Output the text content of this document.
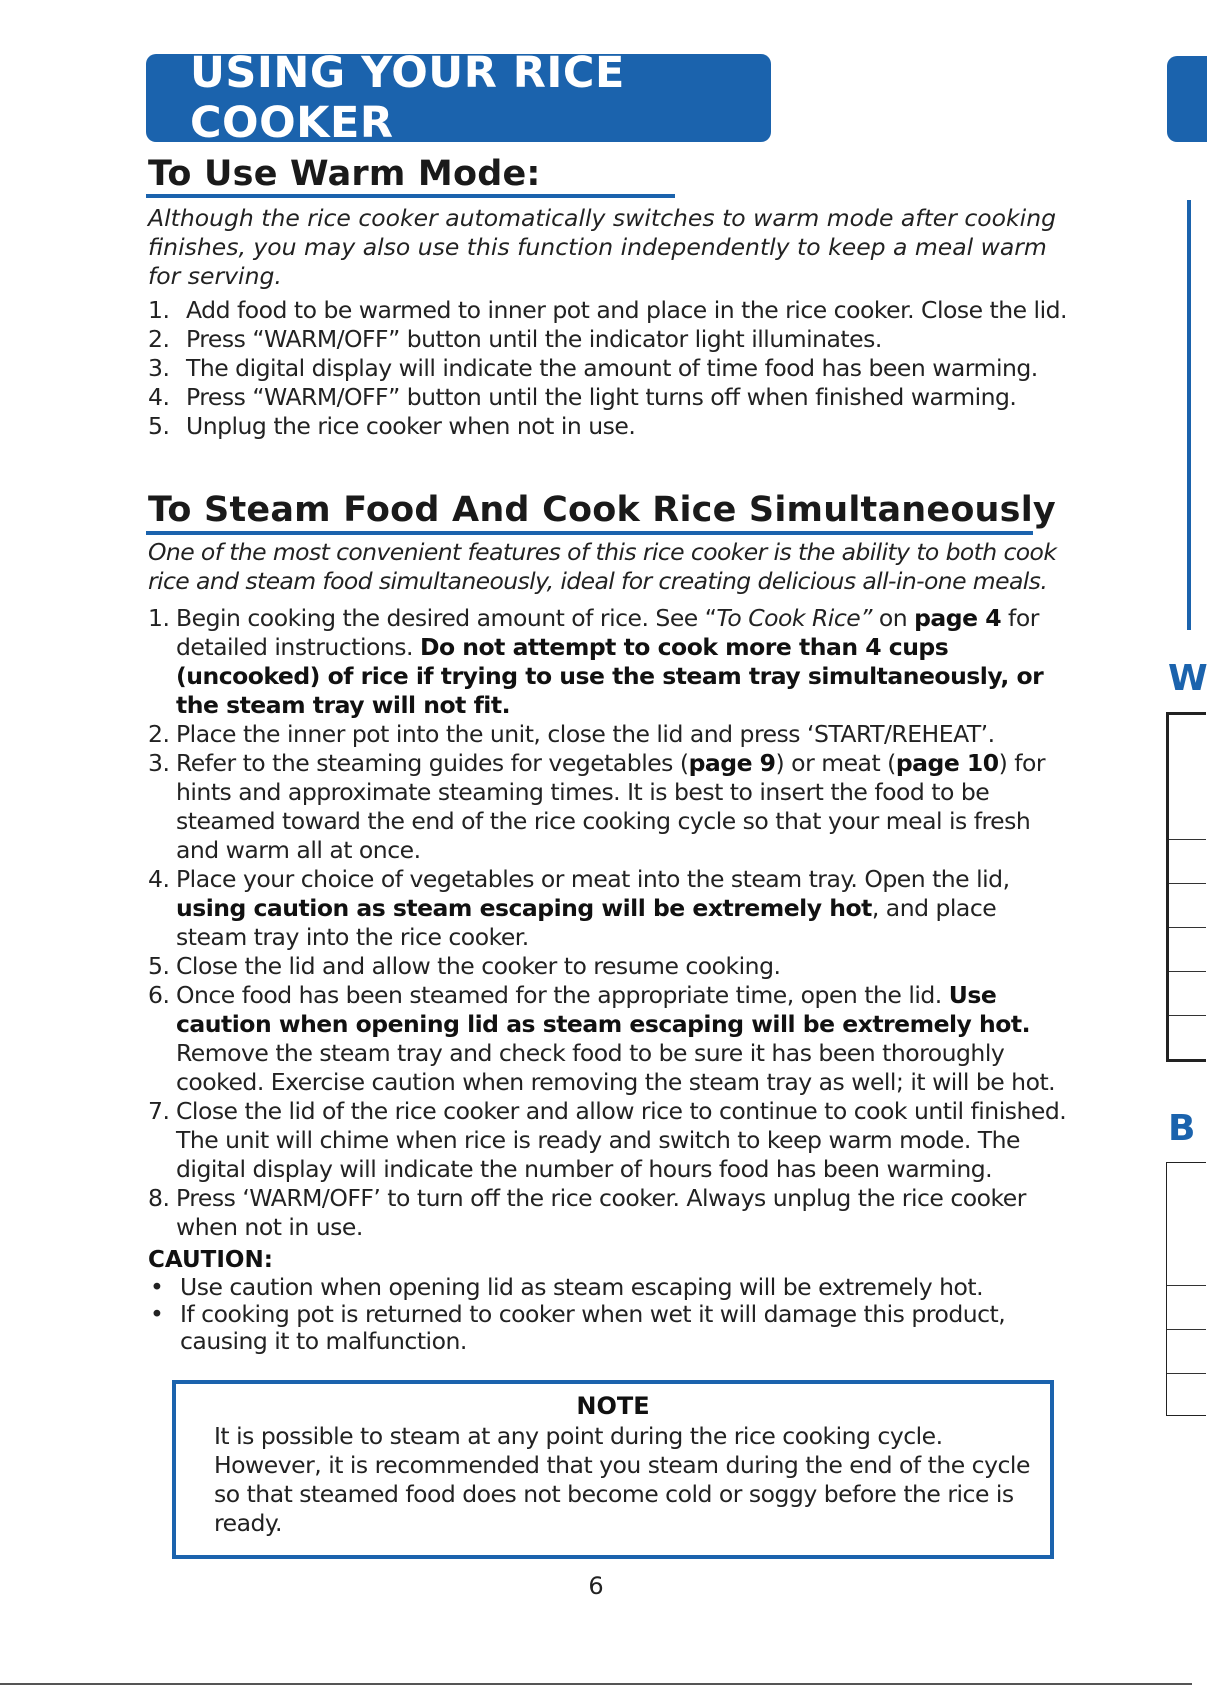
USING YOUR RICE COOKER
W
B
To Use Warm Mode:

Although the rice cooker automatically switches to warm mode after cooking finishes, you may also use this function independently to keep a meal warm for serving.

1. Add food to be warmed to inner pot and place in the rice cooker. Close the lid.
2. Press “WARM/OFF” button until the indicator light illuminates.
3. The digital display will indicate the amount of time food has been warming.
4. Press “WARM/OFF” button until the light turns off when finished warming.
5. Unplug the rice cooker when not in use.
To Steam Food And Cook Rice Simultaneously

One of the most convenient features of this rice cooker is the ability to both cook rice and steam food simultaneously, ideal for creating delicious all-in-one meals.

1. Begin cooking the desired amount of rice. See “To Cook Rice” on page 4 for detailed instructions. Do not attempt to cook more than 4 cups (uncooked) of rice if trying to use the steam tray simultaneously, or the steam tray will not fit.
2. Place the inner pot into the unit, close the lid and press ‘START/REHEAT’.
3. Refer to the steaming guides for vegetables (page 9) or meat (page 10) for hints and approximate steaming times. It is best to insert the food to be steamed toward the end of the rice cooking cycle so that your meal is fresh and warm all at once.
4. Place your choice of vegetables or meat into the steam tray. Open the lid, using caution as steam escaping will be extremely hot, and place steam tray into the rice cooker.
5. Close the lid and allow the cooker to resume cooking.
6. Once food has been steamed for the appropriate time, open the lid. Use caution when opening lid as steam escaping will be extremely hot. Remove the steam tray and check food to be sure it has been thoroughly cooked. Exercise caution when removing the steam tray as well; it will be hot.
7. Close the lid of the rice cooker and allow rice to continue to cook until finished. The unit will chime when rice is ready and switch to keep warm mode. The digital display will indicate the number of hours food has been warming.
8. Press ‘WARM/OFF’ to turn off the rice cooker. Always unplug the rice cooker when not in use.
CAUTION:
• Use caution when opening lid as steam escaping will be extremely hot.
• If cooking pot is returned to cooker when wet it will damage this product, causing it to malfunction.
NOTE
It is possible to steam at any point during the rice cooking cycle. However, it is recommended that you steam during the end of the cycle so that steamed food does not become cold or soggy before the rice is ready.
6
